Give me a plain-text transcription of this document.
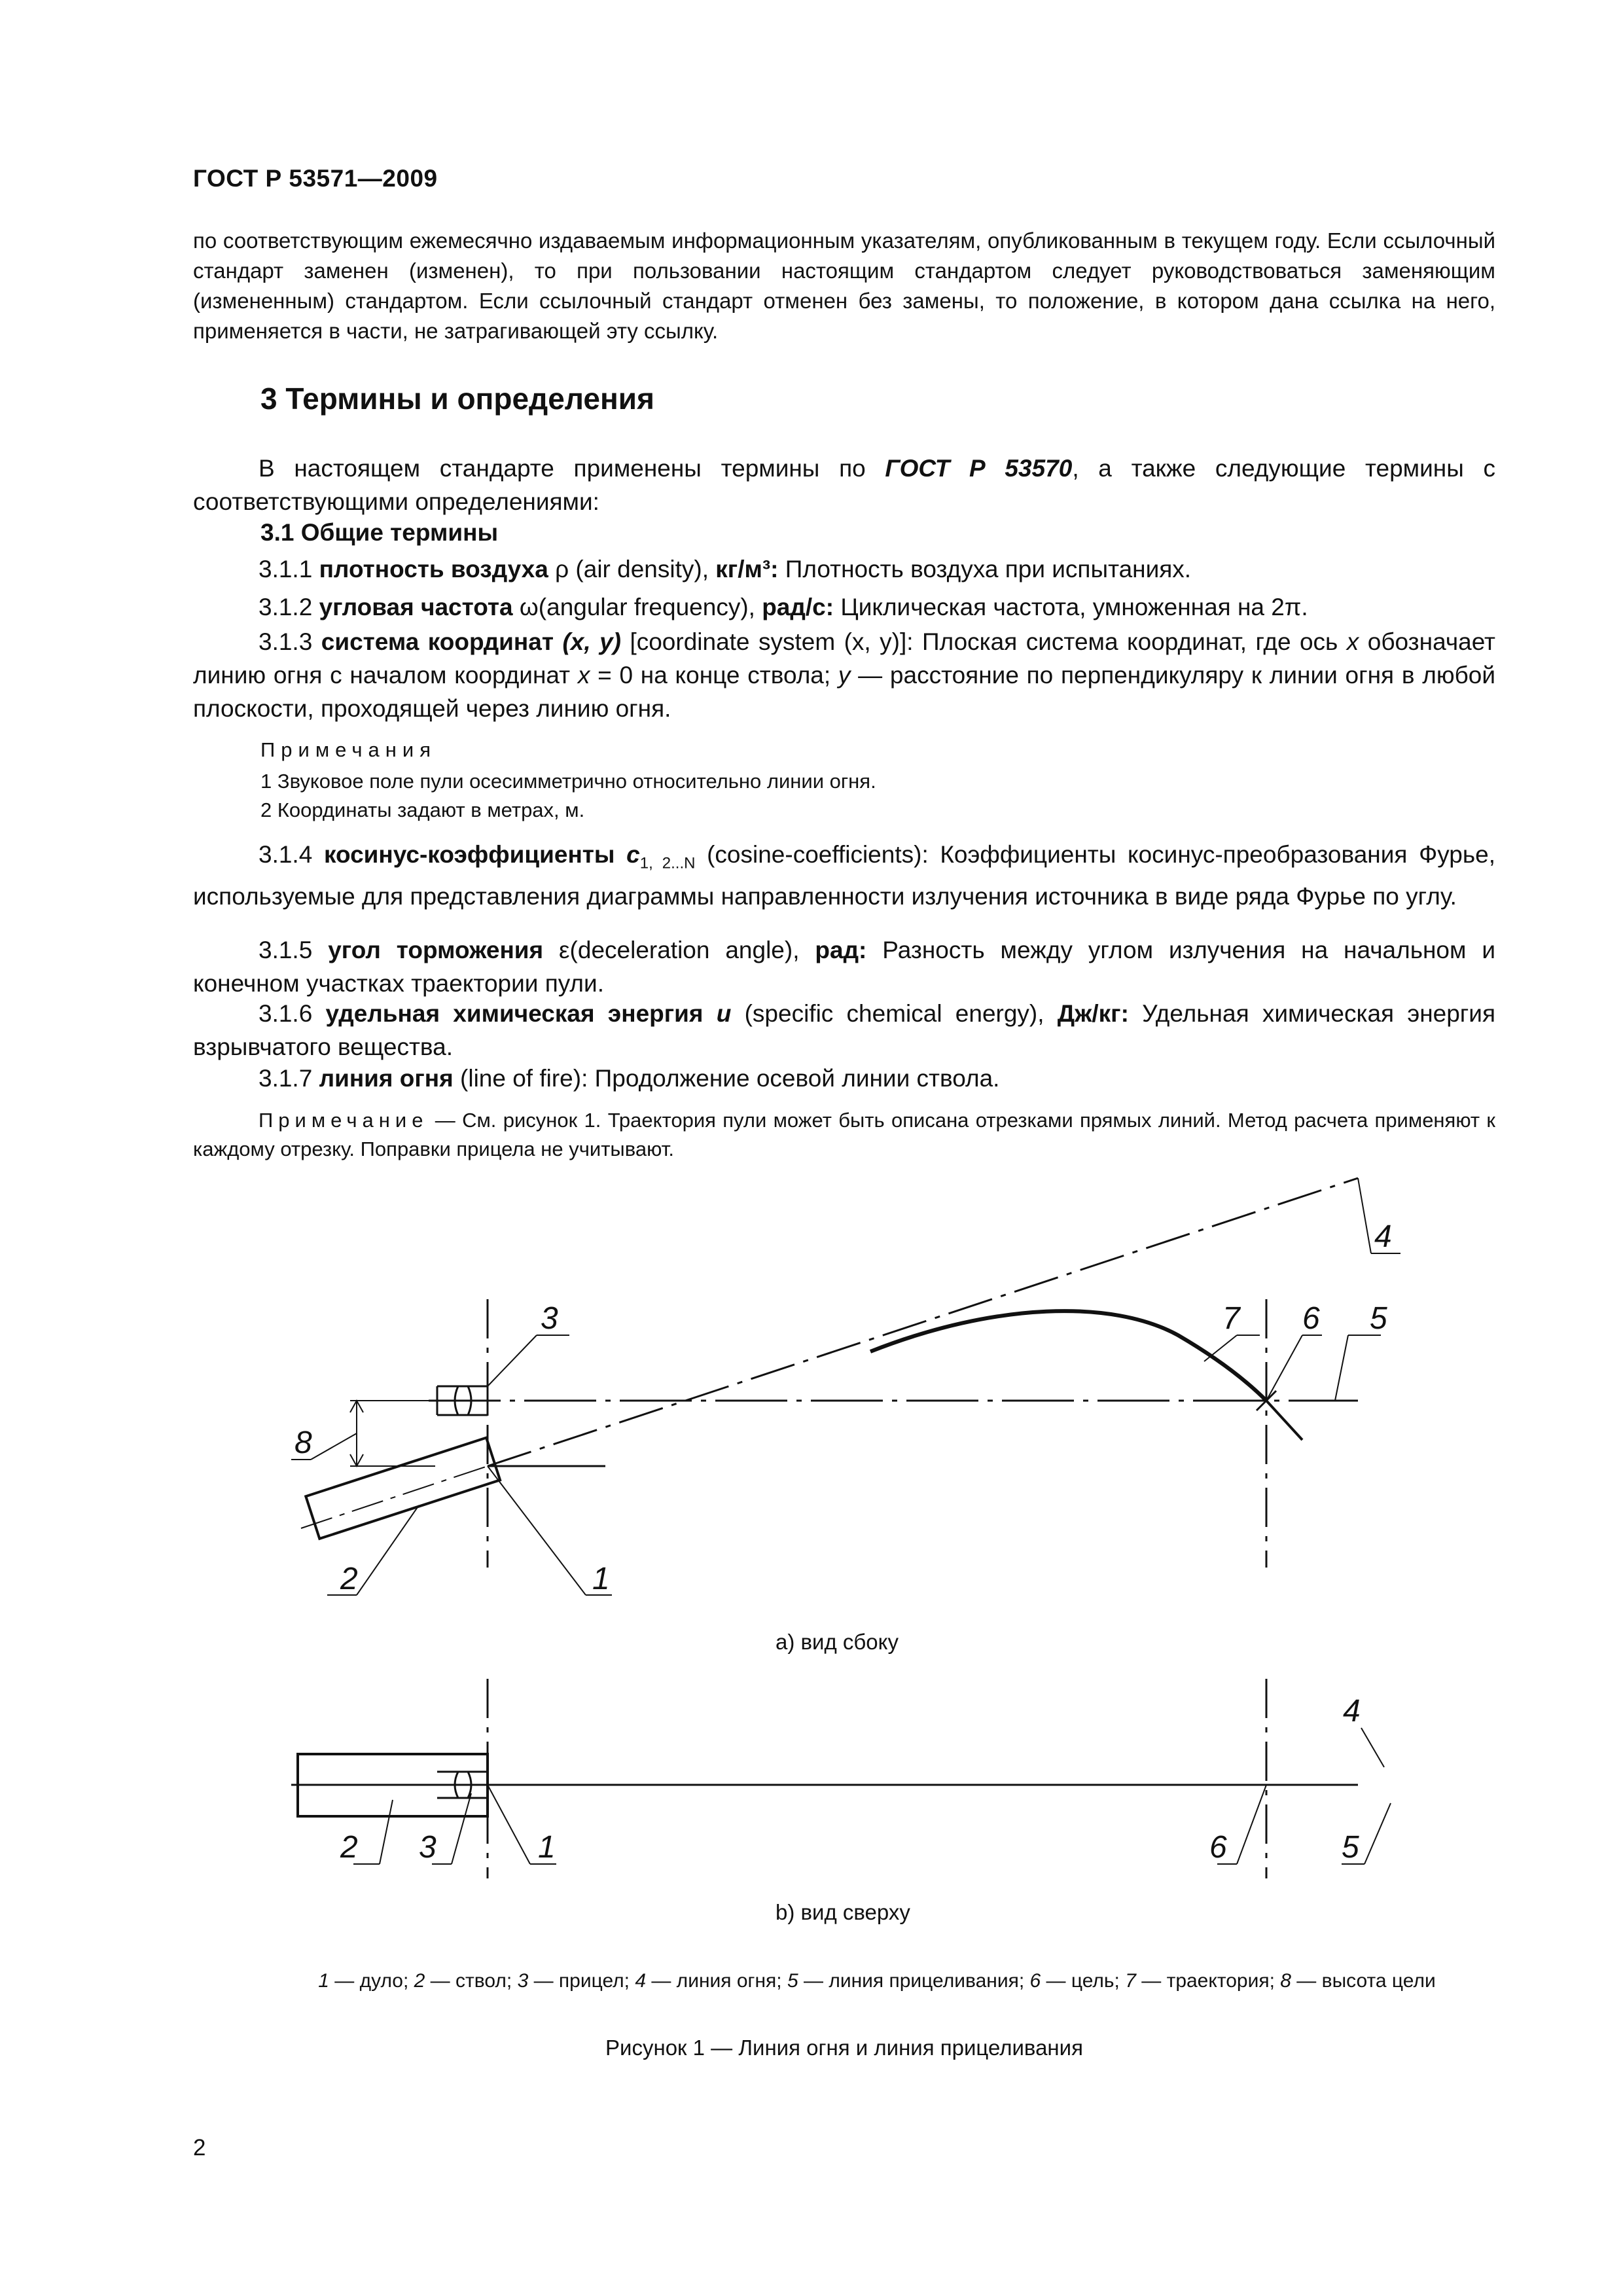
ГОСТ Р 53571—2009
по соответствующим ежемесячно издаваемым информационным указателям, опубликованным в текущем году. Если ссылочный стандарт заменен (изменен), то при пользовании настоящим стандартом следует руководствоваться заменяющим (измененным) стандартом. Если ссылочный стандарт отменен без замены, то положение, в котором дана ссылка на него, применяется в части, не затрагивающей эту ссылку.
3 Термины и определения
В настоящем стандарте применены термины по ГОСТ Р 53570, а также следующие термины с соответствующими определениями:
3.1 Общие термины
3.1.1 плотность воздуха ρ (air density), кг/м³: Плотность воздуха при испытаниях.
3.1.2 угловая частота ω(angular frequency), рад/с: Циклическая частота, умноженная на 2π.
3.1.3 система координат (x, y) [coordinate system (x, y)]: Плоская система координат, где ось x обозначает линию огня с началом координат x = 0 на конце ствола; y — расстояние по перпендикуляру к линии огня в любой плоскости, проходящей через линию огня.
Примечания
1 Звуковое поле пули осесимметрично относительно линии огня.
2 Координаты задают в метрах, м.
3.1.4 косинус-коэффициенты $c_{1, 2...N}$ (cosine-coefficients): Коэффициенты косинус-преобразования Фурье, используемые для представления диаграммы направленности излучения источника в виде ряда Фурье по углу.
3.1.5 угол торможения ε(deceleration angle), рад: Разность между углом излучения на начальном и конечном участках траектории пули.
3.1.6 удельная химическая энергия u (specific chemical energy), Дж/кг: Удельная химическая энергия взрывчатого вещества.
3.1.7 линия огня (line of fire): Продолжение осевой линии ствола.
Примечание — См. рисунок 1. Траектория пули может быть описана отрезками прямых линий. Метод расчета применяют к каждому отрезку. Поправки прицела не учитывают.
3
4
7 6 5
8
2	1
4
2 3	1	6	5
а) вид сбоку
b) вид сверху
1 — дуло; 2 — ствол; 3 — прицел; 4 — линия огня; 5 — линия прицеливания; 6 — цель; 7 — траектория; 8 — высота цели
Рисунок 1 — Линия огня и линия прицеливания
2
